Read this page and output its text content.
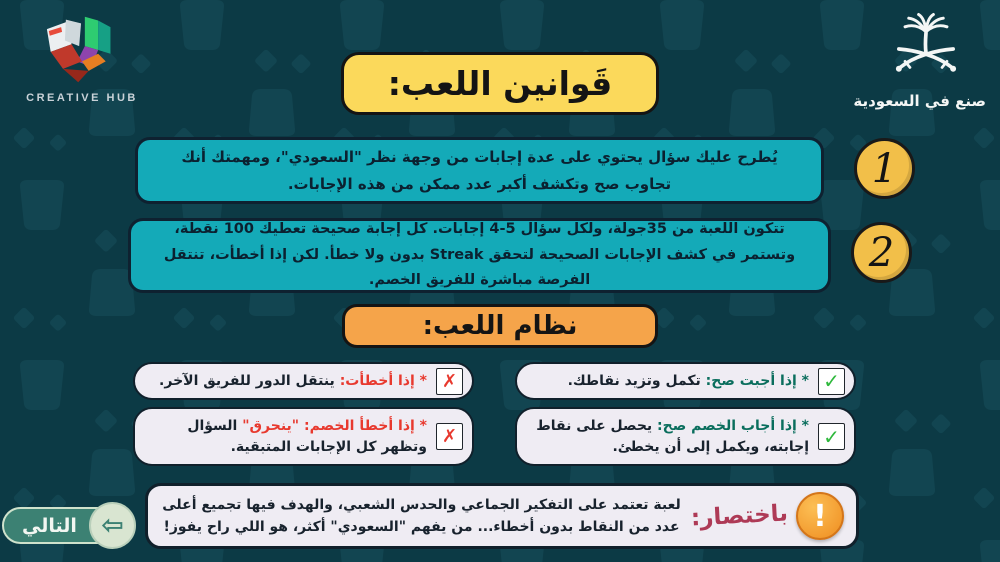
CREATIVE HUB	صنع في السعودية
قَوانين اللعب:
يُطرح عليك سؤال يحتوي على عدة إجابات من وجهة نظر "السعودي"، ومهمتك أنك تجاوب صح وتكشف أكبر عدد ممكن من هذه الإجابات.	1
تتكون اللعبة من 35جولة، ولكل سؤال 5-4 إجابات. كل إجابة صحيحة تعطيك 100 نقطة، وتستمر في كشف الإجابات الصحيحة لتحقق Streak بدون ولا خطأ. لكن إذا أخطأت، تنتقل الفرصة مباشرة للفريق الخصم.
2
نظام اللعب:
✓
* إذا أجبت صح: تكمل وتزيد نقاطك.
✗
* إذا أخطأت: ينتقل الدور للفريق الآخر.
✓
* إذا أجاب الخصم صح: يحصل على نقاط إجابته، ويكمل إلى أن يخطئ.
✗
* إذا أخطأ الخصم: "ينحرق" السؤال وتظهر كل الإجابات المتبقية.
!
باختصار:
لعبة تعتمد على التفكير الجماعي والحدس الشعبي، والهدف فيها تجميع أعلى عدد من النقاط بدون أخطاء... من يفهم "السعودي" أكثر، هو اللي راح يفوز!
التالي ⇦
